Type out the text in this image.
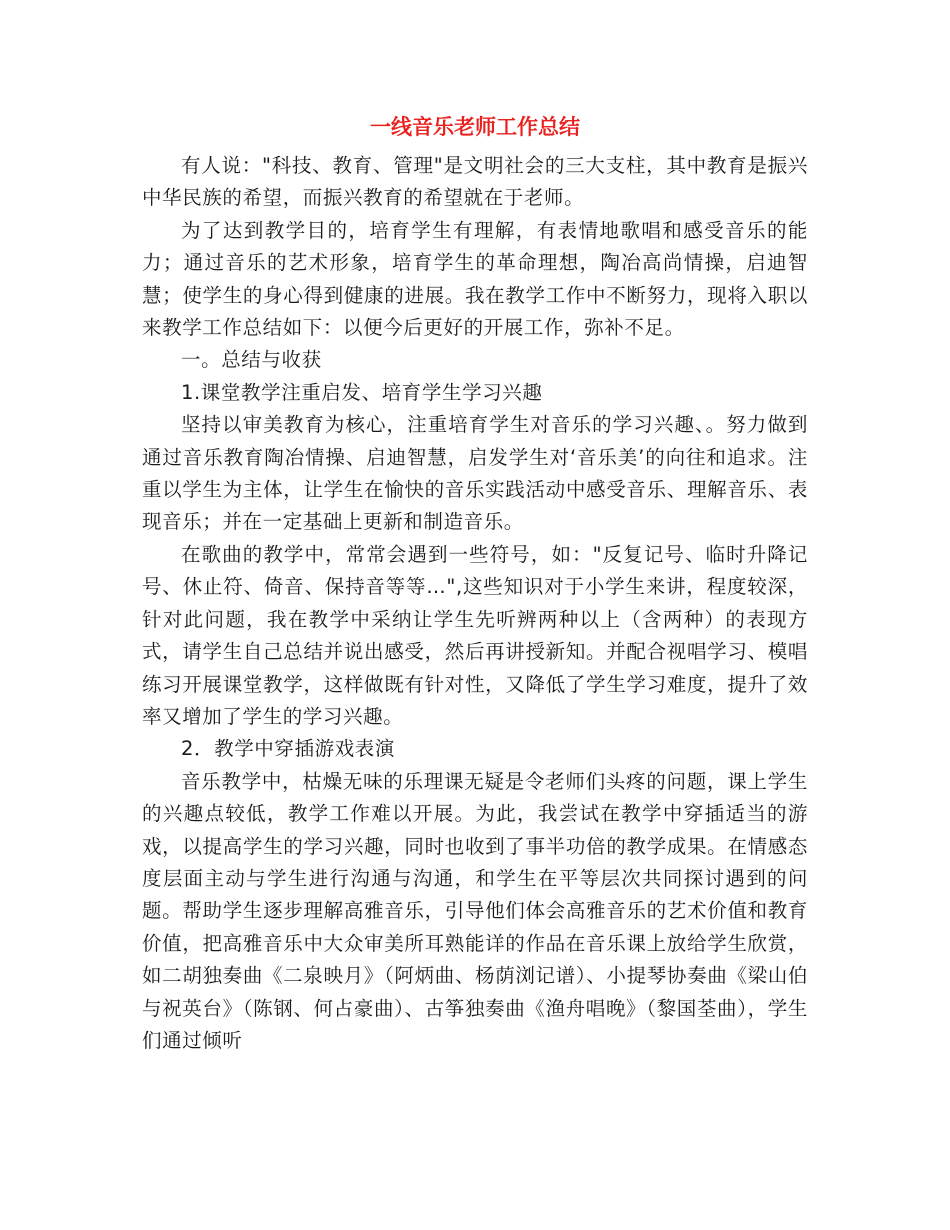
一线音乐老师工作总结

有人说："科技、教育、管理"是文明社会的三大支柱，其中教育是振兴中华民族的希望，而振兴教育的希望就在于老师。

为了达到教学目的，培育学生有理解，有表情地歌唱和感受音乐的能力；通过音乐的艺术形象，培育学生的革命理想，陶冶高尚情操，启迪智慧；使学生的身心得到健康的进展。我在教学工作中不断努力，现将入职以来教学工作总结如下：以便今后更好的开展工作，弥补不足。

一。总结与收获

1.课堂教学注重启发、培育学生学习兴趣

坚持以审美教育为核心，注重培育学生对音乐的学习兴趣、。努力做到通过音乐教育陶冶情操、启迪智慧，启发学生对‘音乐美’的向往和追求。注重以学生为主体，让学生在愉快的音乐实践活动中感受音乐、理解音乐、表现音乐；并在一定基础上更新和制造音乐。

在歌曲的教学中，常常会遇到一些符号，如："反复记号、临时升降记号、休止符、倚音、保持音等等…",这些知识对于小学生来讲，程度较深，针对此问题，我在教学中采纳让学生先听辨两种以上（含两种）的表现方式，请学生自己总结并说出感受，然后再讲授新知。并配合视唱学习、模唱练习开展课堂教学，这样做既有针对性，又降低了学生学习难度，提升了效率又增加了学生的学习兴趣。

2．教学中穿插游戏表演

音乐教学中，枯燥无味的乐理课无疑是令老师们头疼的问题，课上学生的兴趣点较低，教学工作难以开展。为此，我尝试在教学中穿插适当的游戏，以提高学生的学习兴趣，同时也收到了事半功倍的教学成果。在情感态度层面主动与学生进行沟通与沟通，和学生在平等层次共同探讨遇到的问题。帮助学生逐步理解高雅音乐，引导他们体会高雅音乐的艺术价值和教育价值，把高雅音乐中大众审美所耳熟能详的作品在音乐课上放给学生欣赏，如二胡独奏曲《二泉映月》（阿炳曲、杨荫浏记谱）、小提琴协奏曲《梁山伯与祝英台》（陈钢、何占豪曲）、古筝独奏曲《渔舟唱晚》（黎国荃曲），学生们通过倾听
